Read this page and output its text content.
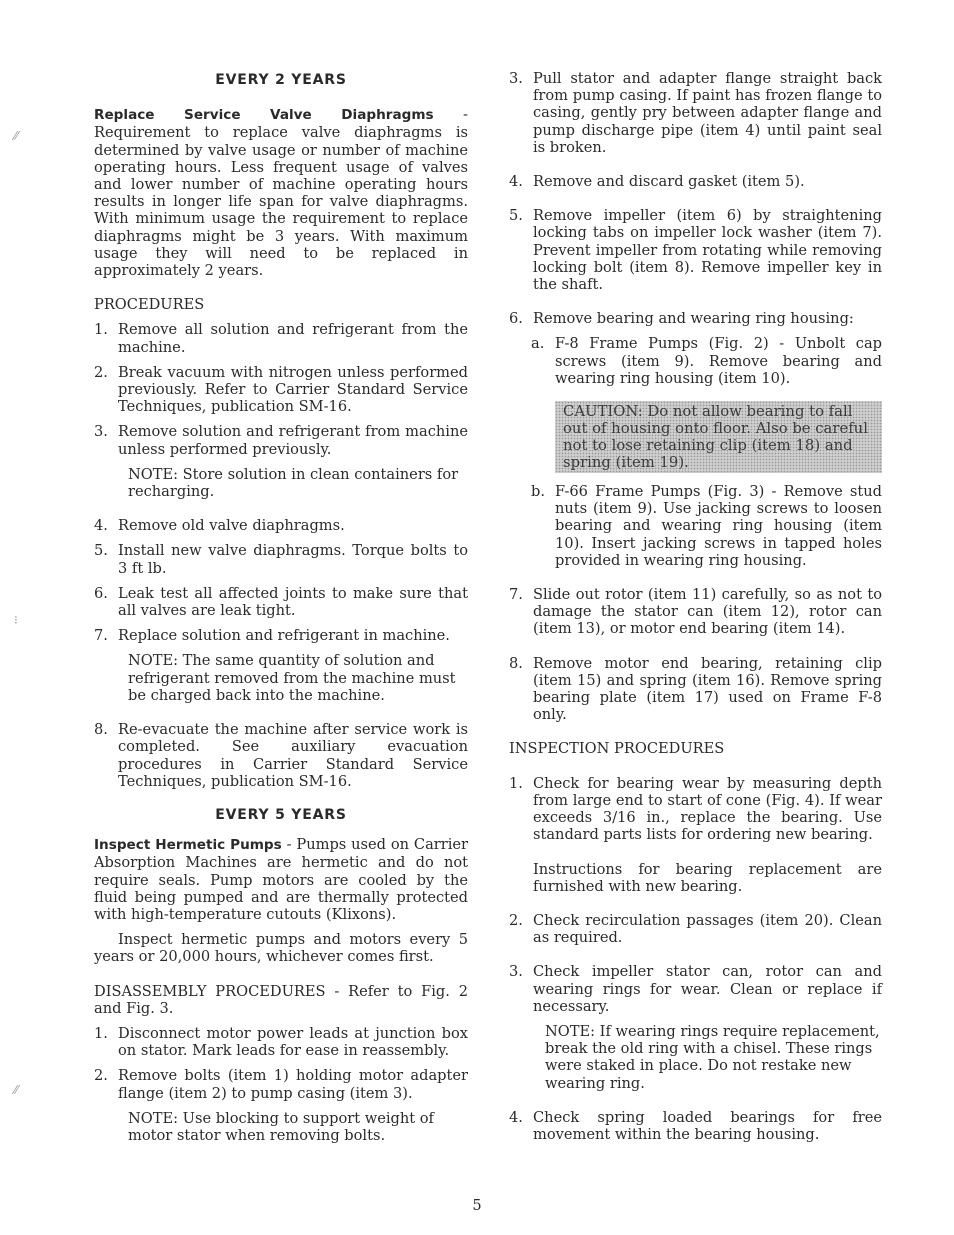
⁄⁄
⁝
⁄⁄

EVERY 2 YEARS

Replace Service Valve Diaphragms - Requirement to replace valve diaphragms is determined by valve usage or number of machine operating hours. Less frequent usage of valves and lower number of machine operating hours results in longer life span for valve diaphragms. With minimum usage the requirement to replace diaphragms might be 3 years. With maximum usage they will need to be replaced in approximately 2 years.

PROCEDURES

1. Remove all solution and refrigerant from the machine.
2. Break vacuum with nitrogen unless performed previously. Refer to Carrier Standard Service Techniques, publication SM-16.
3. Remove solution and refrigerant from machine unless performed previously.

NOTE: Store solution in clean containers for recharging.

4. Remove old valve diaphragms.
5. Install new valve diaphragms. Torque bolts to 3 ft lb.
6. Leak test all affected joints to make sure that all valves are leak tight.
7. Replace solution and refrigerant in machine.

NOTE: The same quantity of solution and refrigerant removed from the machine must be charged back into the machine.

8. Re-evacuate the machine after service work is completed. See auxiliary evacuation procedures in Carrier Standard Service Techniques, publication SM-16.

EVERY 5 YEARS

Inspect Hermetic Pumps - Pumps used on Carrier Absorption Machines are hermetic and do not require seals. Pump motors are cooled by the fluid being pumped and are thermally protected with high-temperature cutouts (Klixons).

Inspect hermetic pumps and motors every 5 years or 20,000 hours, whichever comes first.

DISASSEMBLY PROCEDURES - Refer to Fig. 2 and Fig. 3.

1. Disconnect motor power leads at junction box on stator. Mark leads for ease in reassembly.
2. Remove bolts (item 1) holding motor adapter flange (item 2) to pump casing (item 3).

NOTE: Use blocking to support weight of motor stator when removing bolts.

3. Pull stator and adapter flange straight back from pump casing. If paint has frozen flange to casing, gently pry between adapter flange and pump discharge pipe (item 4) until paint seal is broken.
4. Remove and discard gasket (item 5).
5. Remove impeller (item 6) by straightening locking tabs on impeller lock washer (item 7). Prevent impeller from rotating while removing locking bolt (item 8). Remove impeller key in the shaft.
6. Remove bearing and wearing ring housing:
a. F-8 Frame Pumps (Fig. 2) - Unbolt cap screws (item 9). Remove bearing and wearing ring housing (item 10).
CAUTION: Do not allow bearing to fall out of housing onto floor. Also be careful not to lose retaining clip (item 18) and spring (item 19).
b. F-66 Frame Pumps (Fig. 3) - Remove stud nuts (item 9). Use jacking screws to loosen bearing and wearing ring housing (item 10). Insert jacking screws in tapped holes provided in wearing ring housing.
7. Slide out rotor (item 11) carefully, so as not to damage the stator can (item 12), rotor can (item 13), or motor end bearing (item 14).
8. Remove motor end bearing, retaining clip (item 15) and spring (item 16). Remove spring bearing plate (item 17) used on Frame F-8 only.

INSPECTION PROCEDURES

1. Check for bearing wear by measuring depth from large end to start of cone (Fig. 4). If wear exceeds 3/16 in., replace the bearing. Use standard parts lists for ordering new bearing.

Instructions for bearing replacement are furnished with new bearing.

2. Check recirculation passages (item 20). Clean as required.
3. Check impeller stator can, rotor can and wearing rings for wear. Clean or replace if necessary.

NOTE: If wearing rings require replacement, break the old ring with a chisel. These rings were staked in place. Do not restake new wearing ring.

4. Check spring loaded bearings for free movement within the bearing housing.
5
